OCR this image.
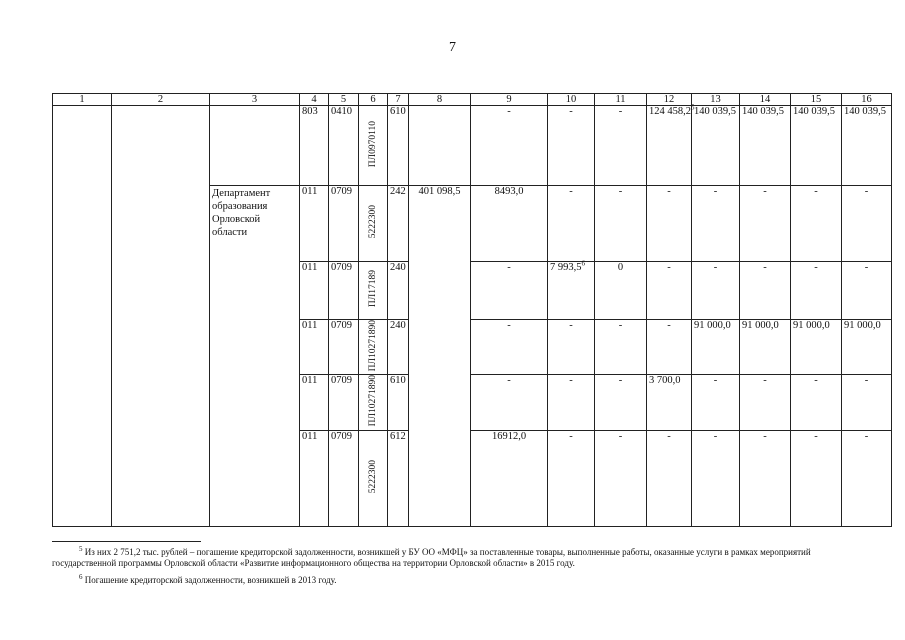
7
1	2	3	4	5	6	7	8	9	10	11	12	13	14	15	16
			803	0410	ПЛ0970110	610		-	-	-	124 458,2$^5$	140 039,5	140 039,5	140 039,5	140 039,5
		Департамент образования Орловской области	011	0709	5222300	242	401 098,5	8493,0	-	-	-	-	-	-	-
			011	0709	ПЛ17189	240		-	7 993,5$^6$	0	-	-	-	-	-
			011	0709	ПЛ10271890	240		-	-	-	-	91 000,0	91 000,0	91 000,0	91 000,0
			011	0709	ПЛ10271890	610		-	-	-	3 700,0	-	-	-	-
			011	0709	5222300	612		16912,0	-	-	-	-	-	-	-
$^5$ Из них 2 751,2 тыс. рублей – погашение кредиторской задолженности, возникшей у БУ ОО «МФЦ» за поставленные товары, выполненные работы, оказанные услуги в рамках мероприятий государственной программы Орловской области «Развитие информационного общества на территории Орловской области» в 2015 году.
$^6$ Погашение кредиторской задолженности, возникшей в 2013 году.
